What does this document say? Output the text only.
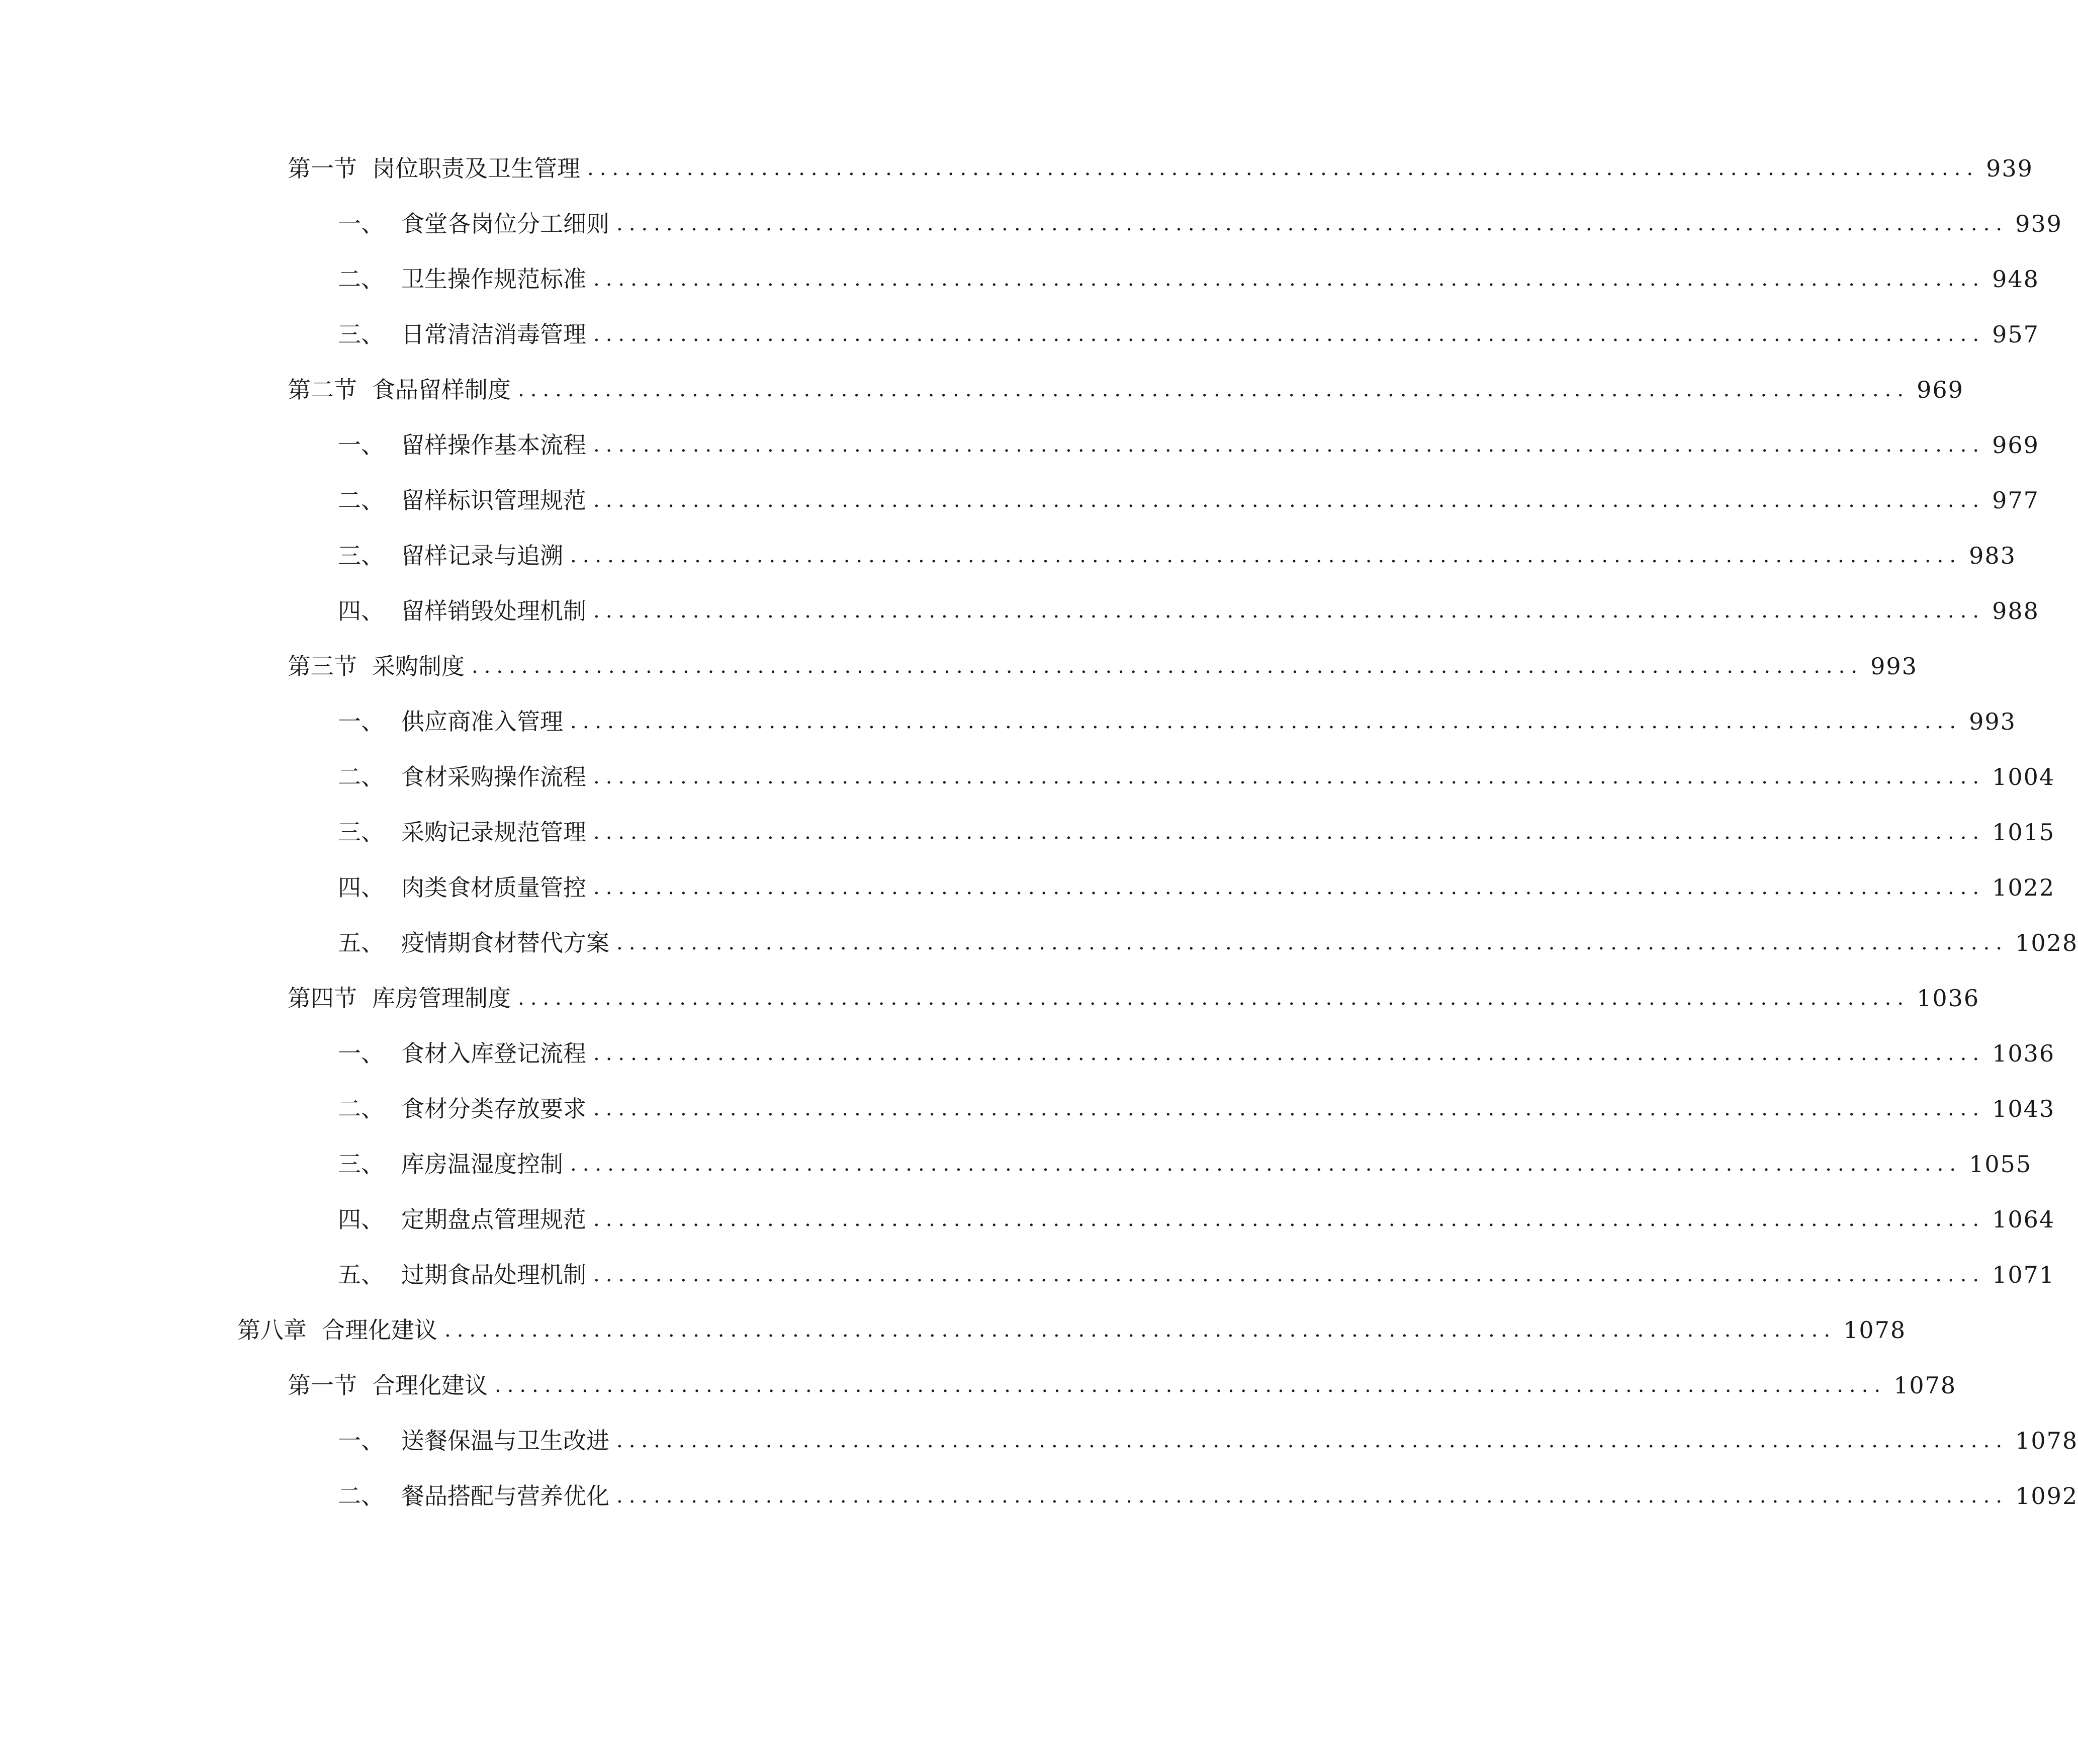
第一节 岗位职责及卫生管理 ................................................................................................................ 939
一、 食堂各岗位分工细则 ................................................................................................................ 939
二、 卫生操作规范标准 ................................................................................................................ 948
三、 日常清洁消毒管理 ................................................................................................................ 957
第二节 食品留样制度 ................................................................................................................ 969
一、 留样操作基本流程 ................................................................................................................ 969
二、 留样标识管理规范 ................................................................................................................ 977
三、 留样记录与追溯 ................................................................................................................ 983
四、 留样销毁处理机制 ................................................................................................................ 988
第三节 采购制度 ................................................................................................................ 993
一、 供应商准入管理 ................................................................................................................ 993
二、 食材采购操作流程 ................................................................................................................ 1004
三、 采购记录规范管理 ................................................................................................................ 1015
四、 肉类食材质量管控 ................................................................................................................ 1022
五、 疫情期食材替代方案 ................................................................................................................ 1028
第四节 库房管理制度 ................................................................................................................ 1036
一、 食材入库登记流程 ................................................................................................................ 1036
二、 食材分类存放要求 ................................................................................................................ 1043
三、 库房温湿度控制 ................................................................................................................ 1055
四、 定期盘点管理规范 ................................................................................................................ 1064
五、 过期食品处理机制 ................................................................................................................ 1071
第八章 合理化建议 ................................................................................................................ 1078
第一节 合理化建议 ................................................................................................................ 1078
一、 送餐保温与卫生改进 ................................................................................................................ 1078
二、 餐品搭配与营养优化 ................................................................................................................ 1092
